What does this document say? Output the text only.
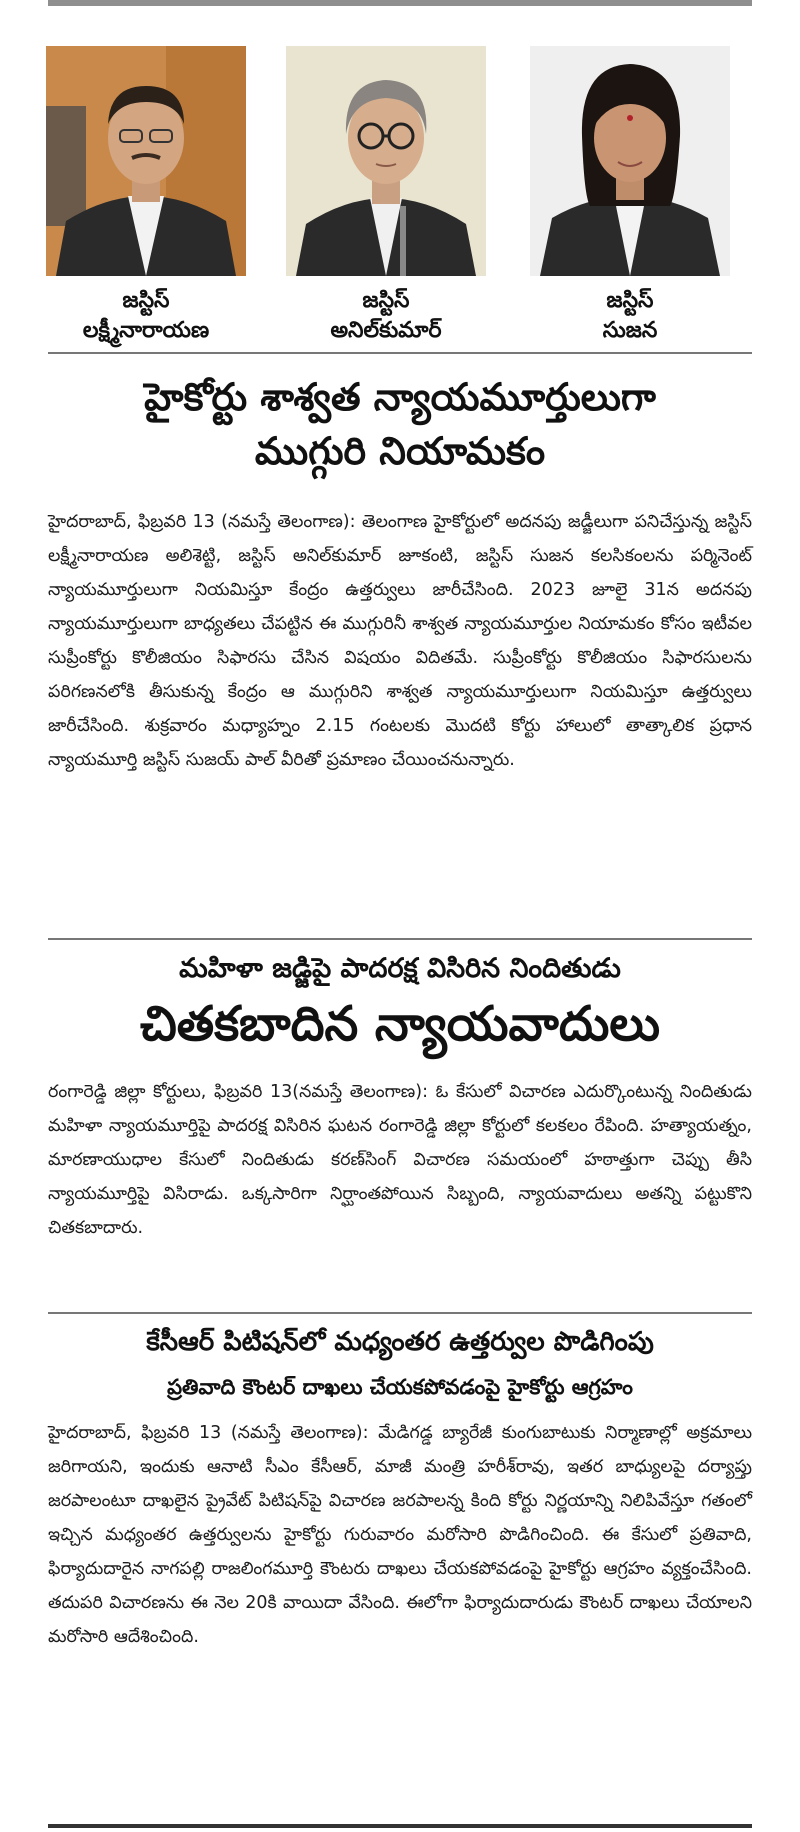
జస్టిస్
లక్ష్మీనారాయణ
జస్టిస్
అనిల్‌కుమార్
జస్టిస్
సుజన
హైకోర్టు శాశ్వత న్యాయమూర్తులుగా
ముగ్గురి నియామకం
హైదరాబాద్, ఫిబ్రవరి 13 (నమస్తే తెలంగాణ): తెలంగాణ హైకోర్టులో అదనపు జడ్జీలుగా పనిచేస్తున్న జస్టిస్ లక్ష్మీనారాయణ అలిశెట్టి, జస్టిస్ అనిల్‌కుమార్ జూకంటి, జస్టిస్ సుజన కలసికంలను పర్మినెంట్ న్యాయమూర్తులుగా నియమిస్తూ కేంద్రం ఉత్తర్వులు జారీచేసింది. 2023 జూలై 31న అదనపు న్యాయమూర్తులుగా బాధ్యతలు చేపట్టిన ఈ ముగ్గురినీ శాశ్వత న్యాయమూర్తుల నియామకం కోసం ఇటీవల సుప్రీంకోర్టు కొలీజియం సిఫారసు చేసిన విషయం విదితమే. సుప్రీంకోర్టు కొలీజియం సిఫారసులను పరిగణనలోకి తీసుకున్న కేంద్రం ఆ ముగ్గురిని శాశ్వత న్యాయమూర్తులుగా నియమిస్తూ ఉత్తర్వులు జారీచేసింది. శుక్రవారం మధ్యాహ్నం 2.15 గంటలకు మొదటి కోర్టు హాలులో తాత్కాలిక ప్రధాన న్యాయమూర్తి జస్టిస్ సుజయ్ పాల్ వీరితో ప్రమాణం చేయించనున్నారు.
మహిళా జడ్జిపై పాదరక్ష విసిరిన నిందితుడు
చితకబాదిన న్యాయవాదులు
రంగారెడ్డి జిల్లా కోర్టులు, ఫిబ్రవరి 13(నమస్తే తెలంగాణ): ఓ కేసులో విచారణ ఎదుర్కొంటున్న నిందితుడు మహిళా న్యాయమూర్తిపై పాదరక్ష విసిరిన ఘటన రంగారెడ్డి జిల్లా కోర్టులో కలకలం రేపింది. హత్యాయత్నం, మారణాయుధాల కేసులో నిందితుడు కరణ్‌సింగ్ విచారణ సమయంలో హఠాత్తుగా చెప్పు తీసి న్యాయమూర్తిపై విసిరాడు. ఒక్కసారిగా నిర్ఘాంతపోయిన సిబ్బంది, న్యాయవాదులు అతన్ని పట్టుకొని చితకబాదారు.
కేసీఆర్ పిటిషన్‌లో మధ్యంతర ఉత్తర్వుల పొడిగింపు
ప్రతివాది కౌంటర్ దాఖలు చేయకపోవడంపై హైకోర్టు ఆగ్రహం
హైదరాబాద్, ఫిబ్రవరి 13 (నమస్తే తెలంగాణ): మేడిగడ్డ బ్యారేజీ కుంగుబాటుకు నిర్మాణాల్లో అక్రమాలు జరిగాయని, ఇందుకు ఆనాటి సీఎం కేసీఆర్, మాజీ మంత్రి హరీశ్‌రావు, ఇతర బాధ్యులపై దర్యాప్తు జరపాలంటూ దాఖలైన ప్రైవేట్ పిటిషన్‌పై విచారణ జరపాలన్న కింది కోర్టు నిర్ణయాన్ని నిలిపివేస్తూ గతంలో ఇచ్చిన మధ్యంతర ఉత్తర్వులను హైకోర్టు గురువారం మరోసారి పొడిగించింది. ఈ కేసులో ప్రతివాది, ఫిర్యాదుదారైన నాగపల్లి రాజలింగమూర్తి కౌంటరు దాఖలు చేయకపోవడంపై హైకోర్టు ఆగ్రహం వ్యక్తంచేసింది. తదుపరి విచారణను ఈ నెల 20కి వాయిదా వేసింది. ఈలోగా ఫిర్యాదుదారుడు కౌంటర్ దాఖలు చేయాలని మరోసారి ఆదేశించింది.
